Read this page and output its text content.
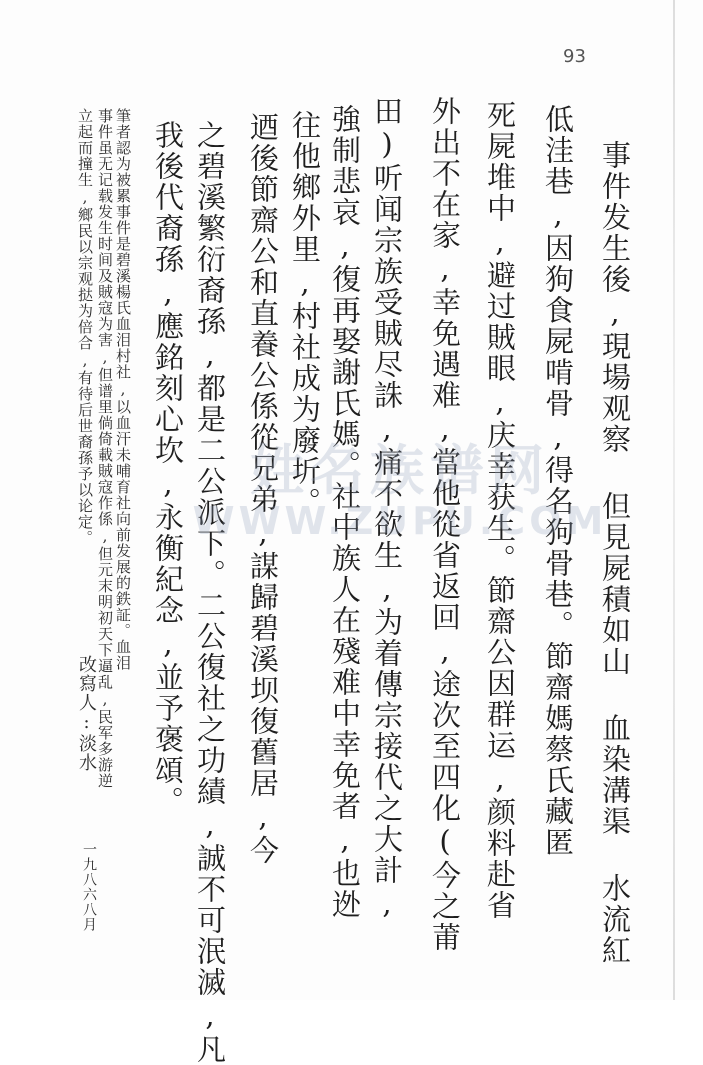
93
事件发生後,現場观察 但見屍積如山 血染溝渠 水流紅
低洼巷,因狗食屍啃骨,得名狗骨巷。節齋媽蔡氏藏匿
死屍堆中,避过賊眼,庆幸获生。節齋公因群运,颜料赴省
外出不在家,幸免遇难,當他從省返回,途次至四化(今之莆
田)听闻宗族受賊尽誅,痛不欲生,为着傳宗接代之大計,
強制悲哀,復再娶謝氏媽。社中族人在殘难中幸免者,也迯
往他鄉外里,村社成为廢圻。
迺後節齋公和直養公係從兄弟,謀歸碧溪坝復舊居,今
之碧溪繁衍裔孫,都是二公派下。二公復社之功績,誠不可泯滅,凡
我後代裔孫,應銘刻心坎,永衡紀念,並予褒頌。
筆者認为被累事件是碧溪楊氏血泪村社,以血汗未哺育社向前发展的鉄証。血泪
事件虽无记载发生时间及賊寇为害,但谱里倘倚載賊寇作係,但元末明初天下逼乱,民军多游逆
立起而撞生,鄉民以宗观挞为倍合,有待后世裔孫予以论定。
改寫人:淡水
一九八六八月
姓名族谱网
WWW.ZUPU.COM
